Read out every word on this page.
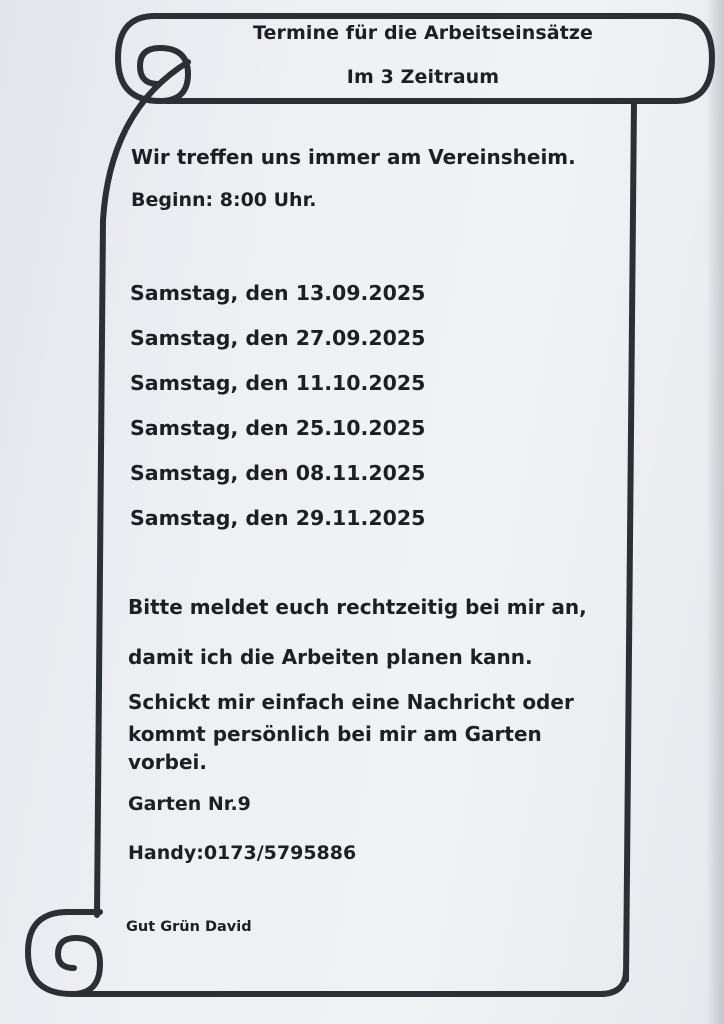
Termine für die Arbeitseinsätze
Im 3 Zeitraum
Wir treffen uns immer am Vereinsheim.
Beginn: 8:00 Uhr.
Samstag, den 13.09.2025
Samstag, den 27.09.2025
Samstag, den 11.10.2025
Samstag, den 25.10.2025
Samstag, den 08.11.2025
Samstag, den 29.11.2025
Bitte meldet euch rechtzeitig bei mir an,
damit ich die Arbeiten planen kann.
Schickt mir einfach eine Nachricht oder
kommt persönlich bei mir am Garten
vorbei.
Garten Nr.9
Handy:0173/5795886
Gut Grün David
